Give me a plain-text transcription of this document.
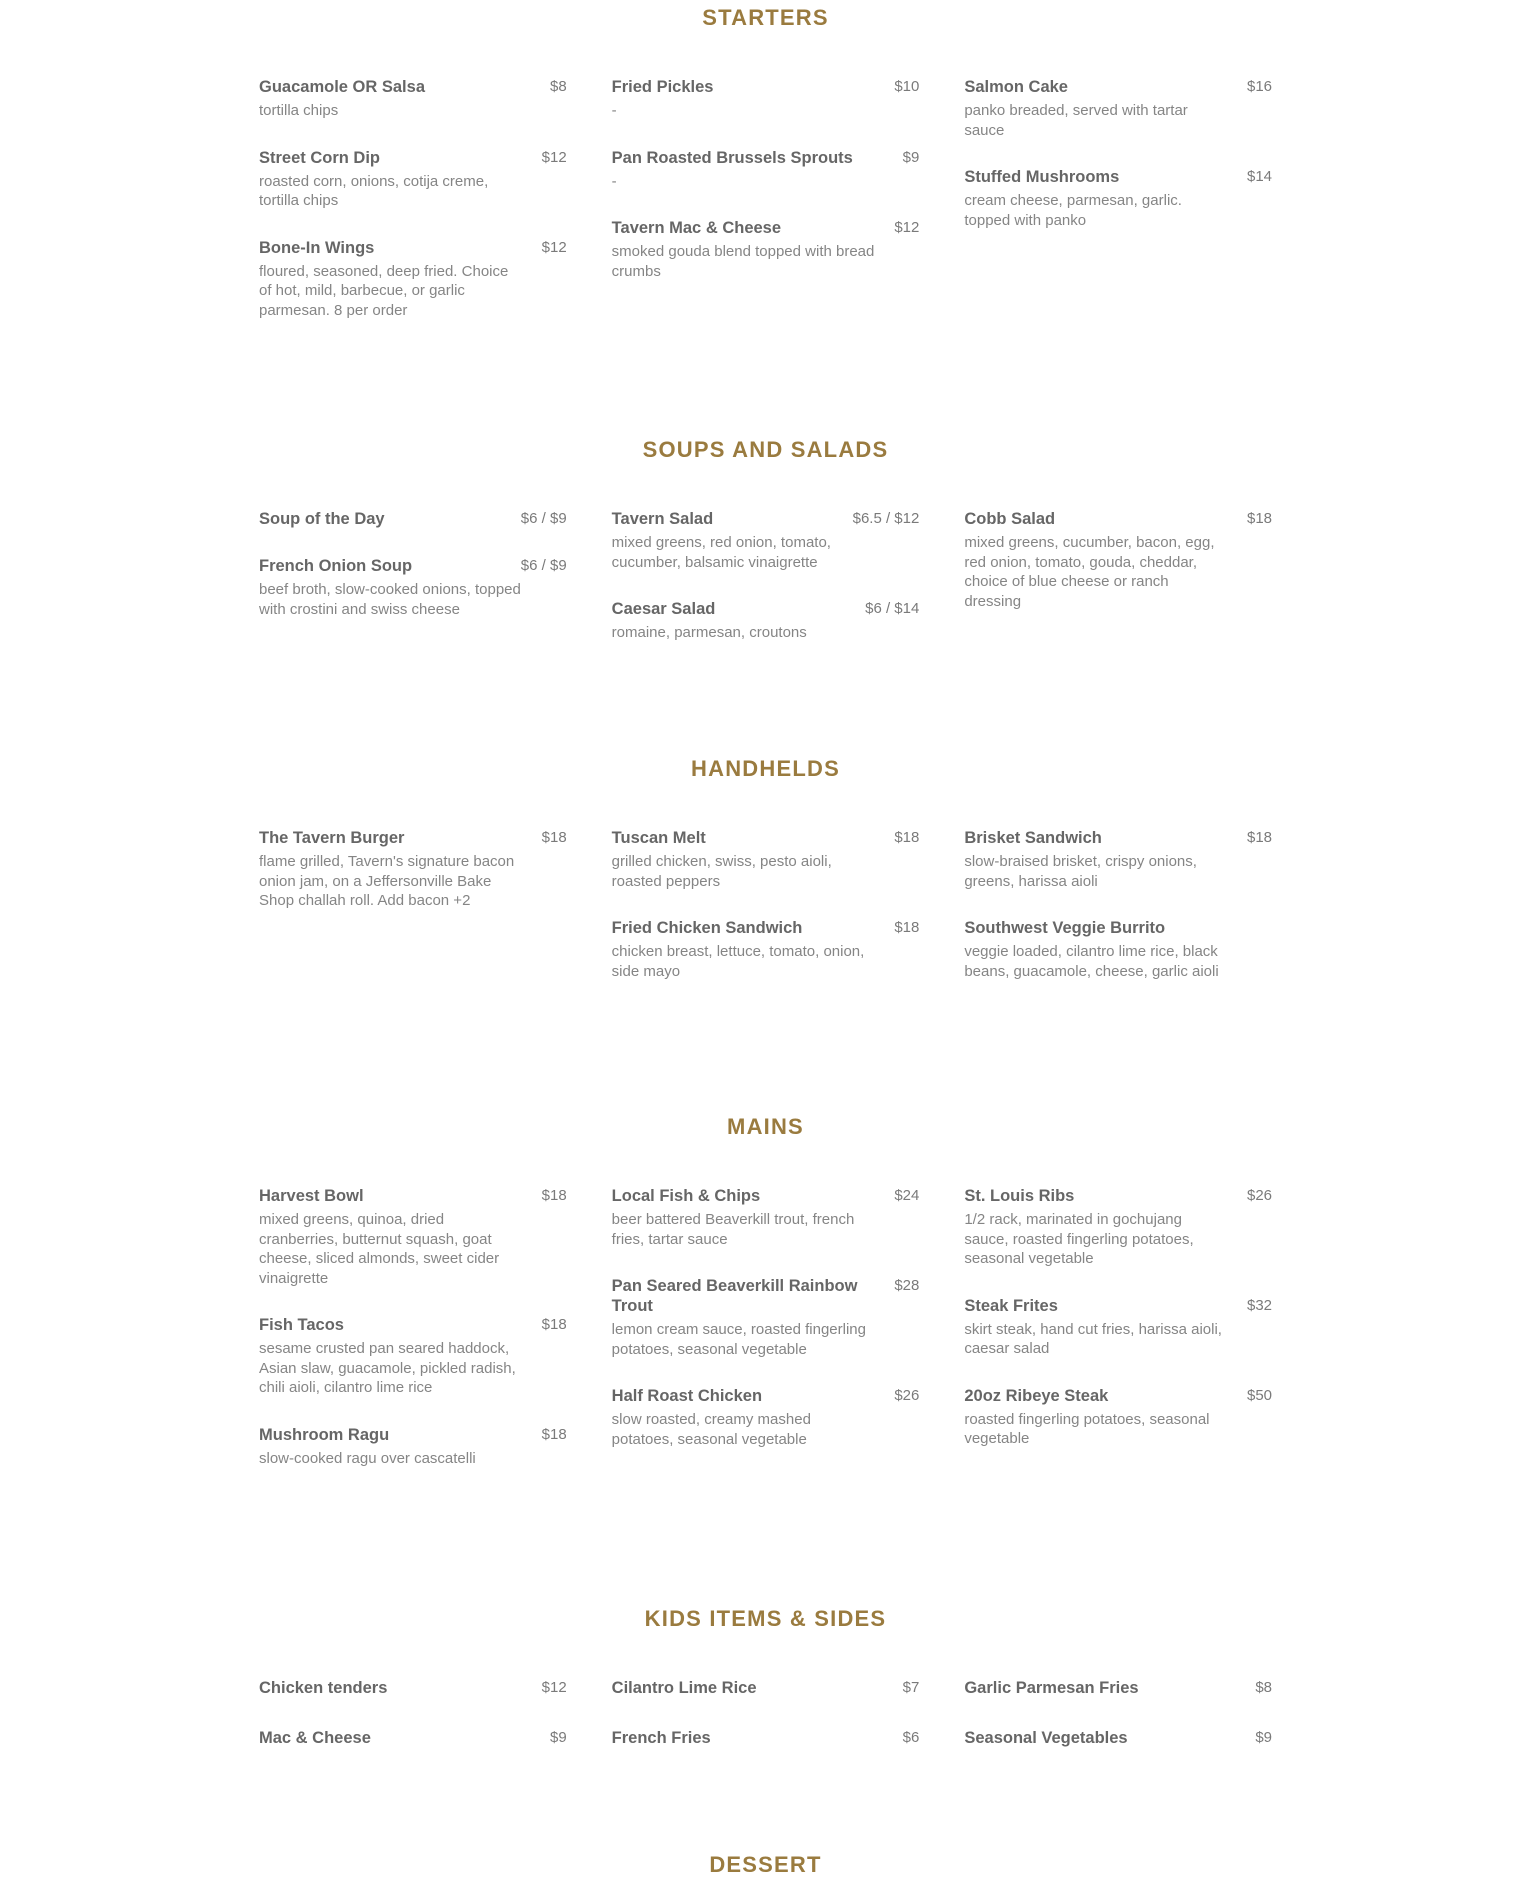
STARTERS
Guacamole OR Salsa	$8
tortilla chips
Street Corn Dip	$12
roasted corn, onions, cotija creme, tortilla chips
Bone-In Wings	$12
floured, seasoned, deep fried. Choice of hot, mild, barbecue, or garlic parmesan. 8 per order
Fried Pickles	$10
-
Pan Roasted Brussels Sprouts	$9
-
Tavern Mac & Cheese	$12
smoked gouda blend topped with bread crumbs
Salmon Cake	$16
panko breaded, served with tartar sauce
Stuffed Mushrooms	$14
cream cheese, parmesan, garlic. topped with panko
SOUPS AND SALADS
Soup of the Day	$6 / $9
French Onion Soup	$6 / $9
beef broth, slow-cooked onions, topped with crostini and swiss cheese
Tavern Salad	$6.5 / $12
mixed greens, red onion, tomato, cucumber, balsamic vinaigrette
Caesar Salad	$6 / $14
romaine, parmesan, croutons
Cobb Salad	$18
mixed greens, cucumber, bacon, egg, red onion, tomato, gouda, cheddar, choice of blue cheese or ranch dressing
HANDHELDS
The Tavern Burger	$18
flame grilled, Tavern's signature bacon onion jam, on a Jeffersonville Bake Shop challah roll. Add bacon +2
Tuscan Melt	$18
grilled chicken, swiss, pesto aioli, roasted peppers
Fried Chicken Sandwich	$18
chicken breast, lettuce, tomato, onion, side mayo
Brisket Sandwich	$18
slow-braised brisket, crispy onions, greens, harissa aioli
Southwest Veggie Burrito
veggie loaded, cilantro lime rice, black beans, guacamole, cheese, garlic aioli
MAINS
Harvest Bowl	$18
mixed greens, quinoa, dried cranberries, butternut squash, goat cheese, sliced almonds, sweet cider vinaigrette
Fish Tacos	$18
sesame crusted pan seared haddock, Asian slaw, guacamole, pickled radish, chili aioli, cilantro lime rice
Mushroom Ragu	$18
slow-cooked ragu over cascatelli
Local Fish & Chips	$24
beer battered Beaverkill trout, french fries, tartar sauce
Pan Seared Beaverkill Rainbow Trout
$28
lemon cream sauce, roasted fingerling potatoes, seasonal vegetable
Half Roast Chicken	$26
slow roasted, creamy mashed potatoes, seasonal vegetable
St. Louis Ribs	$26
1/2 rack, marinated in gochujang sauce, roasted fingerling potatoes, seasonal vegetable
Steak Frites	$32
skirt steak, hand cut fries, harissa aioli, caesar salad
20oz Ribeye Steak	$50
roasted fingerling potatoes, seasonal vegetable
KIDS ITEMS & SIDES
Chicken tenders	$12
Mac & Cheese	$9
Cilantro Lime Rice	$7
French Fries	$6
Garlic Parmesan Fries	$8
Seasonal Vegetables	$9
DESSERT
